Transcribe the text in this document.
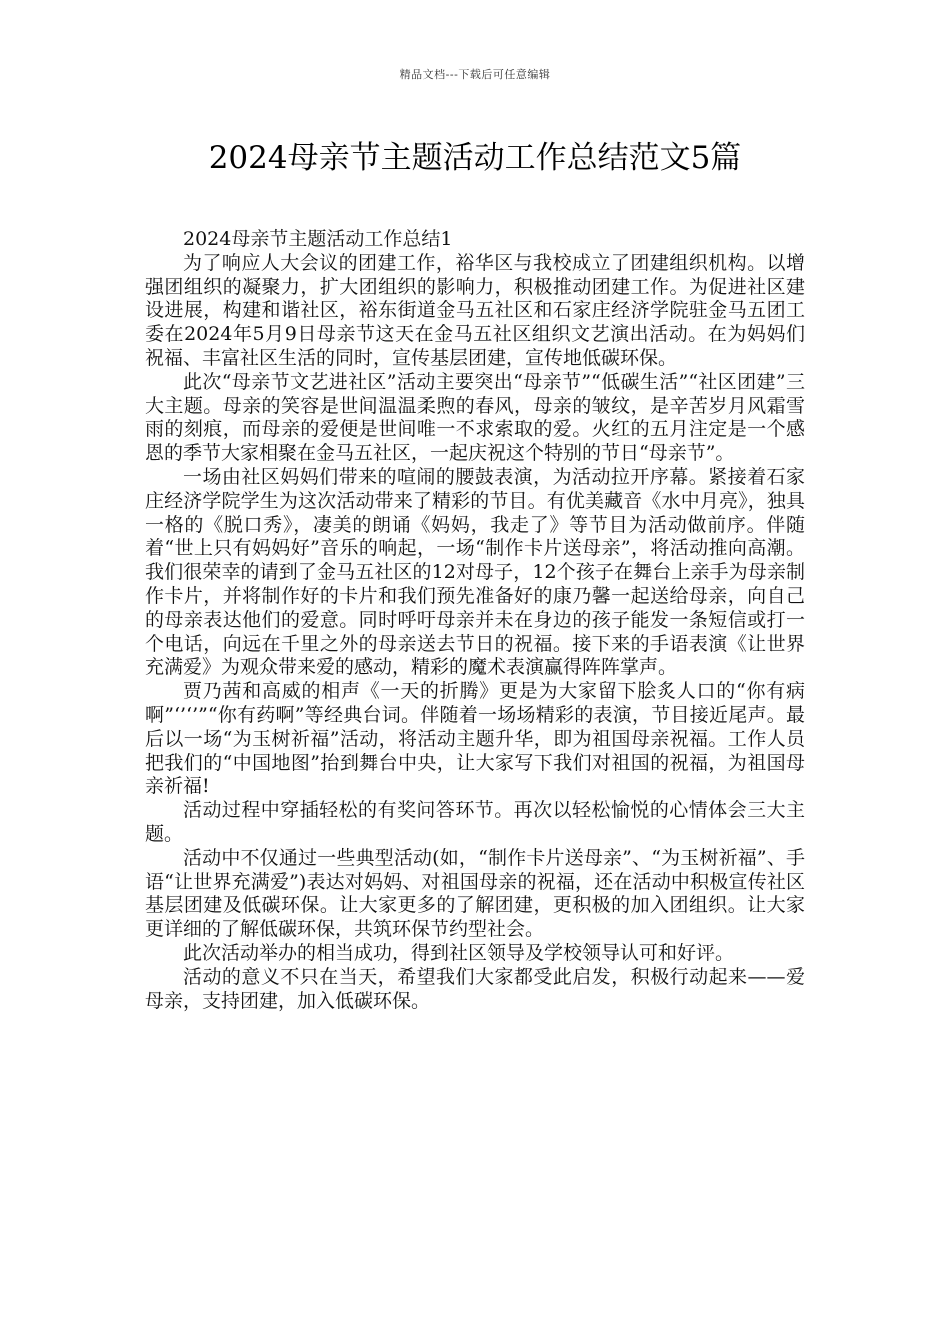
精品文档---下载后可任意编辑
2024母亲节主题活动工作总结范文5篇

2024母亲节主题活动工作总结1

为了响应人大会议的团建工作，裕华区与我校成立了团建组织机构。以增强团组织的凝聚力，扩大团组织的影响力，积极推动团建工作。为促进社区建设进展，构建和谐社区，裕东街道金马五社区和石家庄经济学院驻金马五团工委在2024年5月9日母亲节这天在金马五社区组织文艺演出活动。在为妈妈们祝福、丰富社区生活的同时，宣传基层团建，宣传地低碳环保。

此次“母亲节文艺进社区”活动主要突出“母亲节”“低碳生活”“社区团建”三大主题。母亲的笑容是世间温温柔煦的春风，母亲的皱纹，是辛苦岁月风霜雪雨的刻痕，而母亲的爱便是世间唯一不求索取的爱。火红的五月注定是一个感恩的季节大家相聚在金马五社区，一起庆祝这个特别的节日“母亲节”。

一场由社区妈妈们带来的喧闹的腰鼓表演，为活动拉开序幕。紧接着石家庄经济学院学生为这次活动带来了精彩的节目。有优美藏音《水中月亮》，独具一格的《脱口秀》，凄美的朗诵《妈妈，我走了》等节目为活动做前序。伴随着“世上只有妈妈好”音乐的响起，一场“制作卡片送母亲”，将活动推向高潮。我们很荣幸的请到了金马五社区的12对母子，12个孩子在舞台上亲手为母亲制作卡片，并将制作好的卡片和我们预先准备好的康乃馨一起送给母亲，向自己的母亲表达他们的爱意。同时呼吁母亲并未在身边的孩子能发一条短信或打一个电话，向远在千里之外的母亲送去节日的祝福。接下来的手语表演《让世界充满爱》为观众带来爱的感动，精彩的魔术表演赢得阵阵掌声。

贾乃茜和高威的相声《一天的折腾》更是为大家留下脍炙人口的“你有病啊”‘’‘’”“你有药啊”等经典台词。伴随着一场场精彩的表演，节目接近尾声。最后以一场“为玉树祈福”活动，将活动主题升华，即为祖国母亲祝福。工作人员把我们的“中国地图”抬到舞台中央，让大家写下我们对祖国的祝福，为祖国母亲祈福!

活动过程中穿插轻松的有奖问答环节。再次以轻松愉悦的心情体会三大主题。

活动中不仅通过一些典型活动(如，“制作卡片送母亲”、“为玉树祈福”、手语“让世界充满爱”)表达对妈妈、对祖国母亲的祝福，还在活动中积极宣传社区基层团建及低碳环保。让大家更多的了解团建，更积极的加入团组织。让大家更详细的了解低碳环保，共筑环保节约型社会。

此次活动举办的相当成功，得到社区领导及学校领导认可和好评。

活动的意义不只在当天，希望我们大家都受此启发，积极行动起来——爱母亲，支持团建，加入低碳环保。
